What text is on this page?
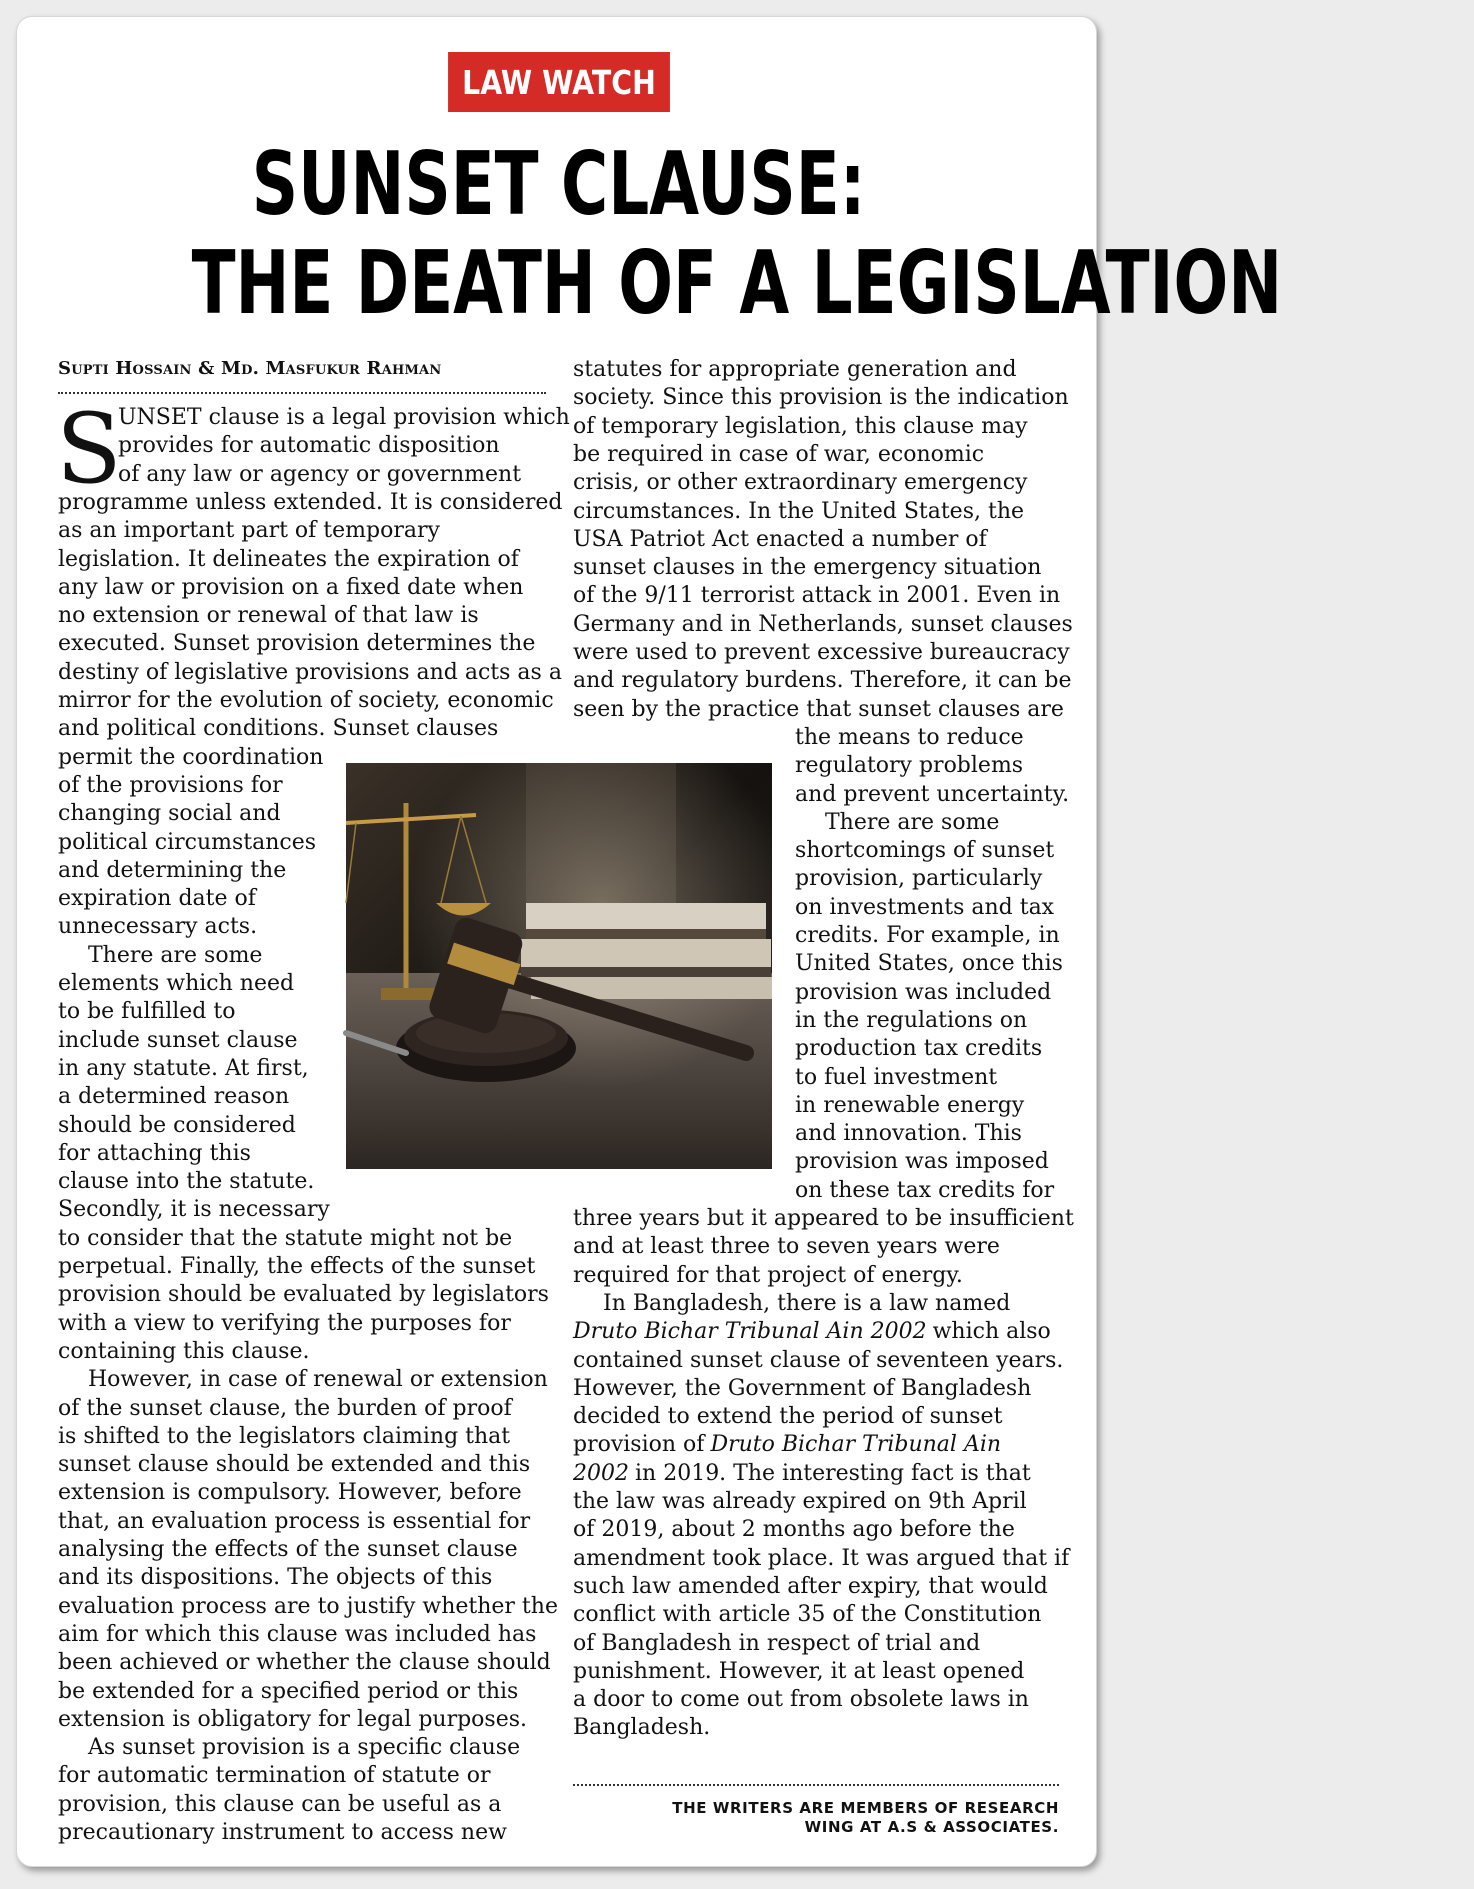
LAW WATCH
SUNSET CLAUSE:
THE DEATH OF A LEGISLATION
Supti Hossain & Md. Masfukur Rahman
S
UNSET clause is a legal provision which
provides for automatic disposition
of any law or agency or government
programme unless extended. It is considered
as an important part of temporary
legislation. It delineates the expiration of
any law or provision on a fixed date when
no extension or renewal of that law is
executed. Sunset provision determines the
destiny of legislative provisions and acts as a
mirror for the evolution of society, economic
and political conditions. Sunset clauses
permit the coordination
of the provisions for
changing social and
political circumstances
and determining the
expiration date of
unnecessary acts.
There are some
elements which need
to be fulfilled to
include sunset clause
in any statute. At first,
a determined reason
should be considered
for attaching this
clause into the statute.
Secondly, it is necessary
to consider that the statute might not be
perpetual. Finally, the effects of the sunset
provision should be evaluated by legislators
with a view to verifying the purposes for
containing this clause.
However, in case of renewal or extension
of the sunset clause, the burden of proof
is shifted to the legislators claiming that
sunset clause should be extended and this
extension is compulsory. However, before
that, an evaluation process is essential for
analysing the effects of the sunset clause
and its dispositions. The objects of this
evaluation process are to justify whether the
aim for which this clause was included has
been achieved or whether the clause should
be extended for a specified period or this
extension is obligatory for legal purposes.
As sunset provision is a specific clause
for automatic termination of statute or
provision, this clause can be useful as a
precautionary instrument to access new
statutes for appropriate generation and
society. Since this provision is the indication
of temporary legislation, this clause may
be required in case of war, economic
crisis, or other extraordinary emergency
circumstances. In the United States, the
USA Patriot Act enacted a number of
sunset clauses in the emergency situation
of the 9/11 terrorist attack in 2001. Even in
Germany and in Netherlands, sunset clauses
were used to prevent excessive bureaucracy
and regulatory burdens. Therefore, it can be
seen by the practice that sunset clauses are
the means to reduce
regulatory problems
and prevent uncertainty.
There are some
shortcomings of sunset
provision, particularly
on investments and tax
credits. For example, in
United States, once this
provision was included
in the regulations on
production tax credits
to fuel investment
in renewable energy
and innovation. This
provision was imposed
on these tax credits for
three years but it appeared to be insufficient
and at least three to seven years were
required for that project of energy.
In Bangladesh, there is a law named
Druto Bichar Tribunal Ain 2002 which also
contained sunset clause of seventeen years.
However, the Government of Bangladesh
decided to extend the period of sunset
provision of Druto Bichar Tribunal Ain
2002 in 2019. The interesting fact is that
the law was already expired on 9th April
of 2019, about 2 months ago before the
amendment took place. It was argued that if
such law amended after expiry, that would
conflict with article 35 of the Constitution
of Bangladesh in respect of trial and
punishment. However, it at least opened
a door to come out from obsolete laws in
Bangladesh.
THE WRITERS ARE MEMBERS OF RESEARCH
WING AT A.S & ASSOCIATES.
